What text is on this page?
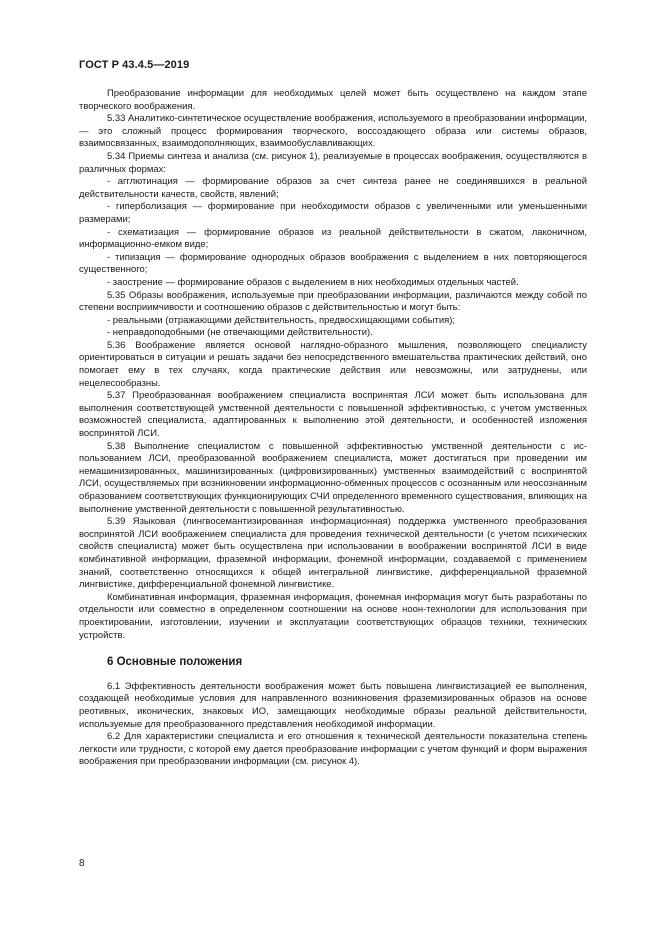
ГОСТ Р 43.4.5—2019

Преобразование информации для необходимых целей может быть осуществлено на каждом этапе творческого воображения.

5.33 Аналитико-синтетическое осуществление воображения, используемого в преобразовании информации, — это сложный процесс формирования творческого, воссоздающего образа или системы образов, взаимосвязанных, взаимодополняющих, взаимообуславливающих.

5.34 Приемы синтеза и анализа (см. рисунок 1), реализуемые в процессах воображения, осуществляются в различных формах:

- агглютинация — формирование образов за счет синтеза ранее не соединявшихся в реальной действительности качеств, свойств, явлений;

- гиперболизация — формирование при необходимости образов с увеличенными или уменьшенными размерами;

- схематизация — формирование образов из реальной действительности в сжатом, лаконичном, информационно-емком виде;

- типизация — формирование однородных образов воображения с выделением в них повторяющегося существенного;

- заострение — формирование образов с выделением в них необходимых отдельных частей.

5.35 Образы воображения, используемые при преобразовании информации, различаются между собой по степени восприимчивости и соотношению образов с действительностью и могут быть:

- реальными (отражающими действительность, предвосхищающими события);

- неправдоподобными (не отвечающими действительности).

5.36 Воображение является основой наглядно-образного мышления, позволяющего специалисту ориентироваться в ситуации и решать задачи без непосредственного вмешательства практических действий, оно помогает ему в тех случаях, когда практические действия или невозможны, или затруднены, или нецелесообразны.

5.37 Преобразованная воображением специалиста воспринятая ЛСИ может быть использована для выполнения соответствующей умственной деятельности с повышенной эффективностью, с учетом умственных возможностей специалиста, адаптированных к выполнению этой деятельности, и особенностей изложения воспринятой ЛСИ.

5.38 Выполнение специалистом с повышенной эффективностью умственной деятельности с использованием ЛСИ, преобразованной воображением специалиста, может достигаться при проведении им немашинизированных, машинизированных (цифровизированных) умственных взаимодействий с воспринятой ЛСИ, осуществляемых при возникновении информационно-обменных процессов с осознанным или неосознанным образованием соответствующих функционирующих СЧИ определенного временного существования, влияющих на выполнение умственной деятельности с повышенной результативностью.

5.39 Языковая (лингвосемантизированная информационная) поддержка умственного преобразования воспринятой ЛСИ воображением специалиста для проведения технической деятельности (с учетом психических свойств специалиста) может быть осуществлена при использовании в воображении воспринятой ЛСИ в виде комбинативной информации, фраземной информации, фонемной информации, создаваемой с применением знаний, соответственно относящихся к общей интегральной лингвистике, дифференциальной фраземной лингвистике, дифференциальной фонемной лингвистике.

Комбинативная информация, фраземная информация, фонемная информация могут быть разработаны по отдельности или совместно в определенном соотношении на основе ноон-технологии для использования при проектировании, изготовлении, изучении и эксплуатации соответствующих образцов техники, технических устройств.

6 Основные положения

6.1 Эффективность деятельности воображения может быть повышена лингвистизацией ее выполнения, создающей необходимые условия для направленного возникновения фраземизированных образов на основе реотивных, иконических, знаковых ИО, замещающих необходимые образы реальной действительности, используемые для преобразованного представления необходимой информации.

6.2 Для характеристики специалиста и его отношения к технической деятельности показательна степень легкости или трудности, с которой ему дается преобразование информации с учетом функций и форм выражения воображения при преобразовании информации (см. рисунок 4).

8
